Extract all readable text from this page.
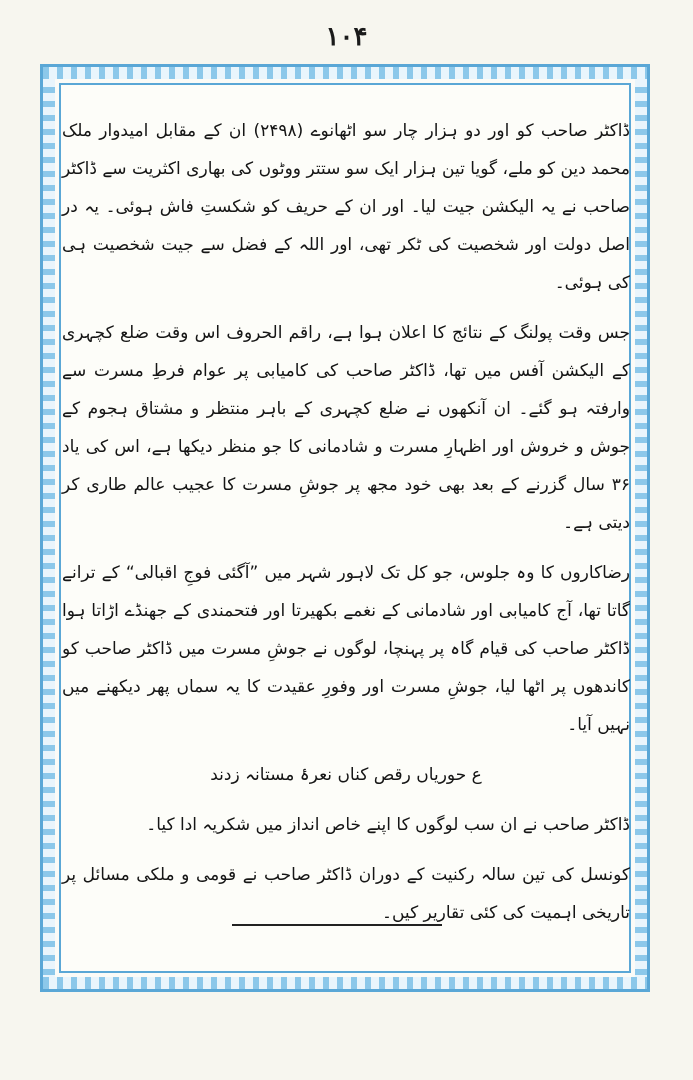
۱۰۴

ڈاکٹر صاحب کو اور دو ہزار چار سو اٹھانوے (۲۴۹۸) ان کے مقابل امیدوار ملک محمد دین کو ملے، گویا تین ہزار ایک سو ستتر ووٹوں کی بھاری اکثریت سے ڈاکٹر صاحب نے یہ الیکشن جیت لیا۔ اور ان کے حریف کو شکستِ فاش ہوئی۔ یہ در اصل دولت اور شخصیت کی ٹکر تھی، اور اللہ کے فضل سے جیت شخصیت ہی کی ہوئی۔

جس وقت پولنگ کے نتائج کا اعلان ہوا ہے، راقم الحروف اس وقت ضلع کچہری کے الیکشن آفس میں تھا، ڈاکٹر صاحب کی کامیابی پر عوام فرطِ مسرت سے وارفتہ ہو گئے۔ ان آنکھوں نے ضلع کچہری کے باہر منتظر و مشتاق ہجوم کے جوش و خروش اور اظہارِ مسرت و شادمانی کا جو منظر دیکھا ہے، اس کی یاد ۳۶ سال گزرنے کے بعد بھی خود مجھ پر جوشِ مسرت کا عجیب عالم طاری کر دیتی ہے۔

رضاکاروں کا وہ جلوس، جو کل تک لاہور شہر میں ”آگئی فوجِ اقبالی“ کے ترانے گاتا تھا، آج کامیابی اور شادمانی کے نغمے بکھیرتا اور فتحمندی کے جھنڈے اڑاتا ہوا ڈاکٹر صاحب کی قیام گاہ پر پہنچا، لوگوں نے جوشِ مسرت میں ڈاکٹر صاحب کو کاندھوں پر اٹھا لیا، جوشِ مسرت اور وفورِ عقیدت کا یہ سماں پھر دیکھنے میں نہیں آیا۔

ع حوریاں رقص کناں نعرۂ مستانہ زدند

ڈاکٹر صاحب نے ان سب لوگوں کا اپنے خاص انداز میں شکریہ ادا کیا۔

کونسل کی تین سالہ رکنیت کے دوران ڈاکٹر صاحب نے قومی و ملکی مسائل پر تاریخی اہمیت کی کئی تقاریر کیں۔
